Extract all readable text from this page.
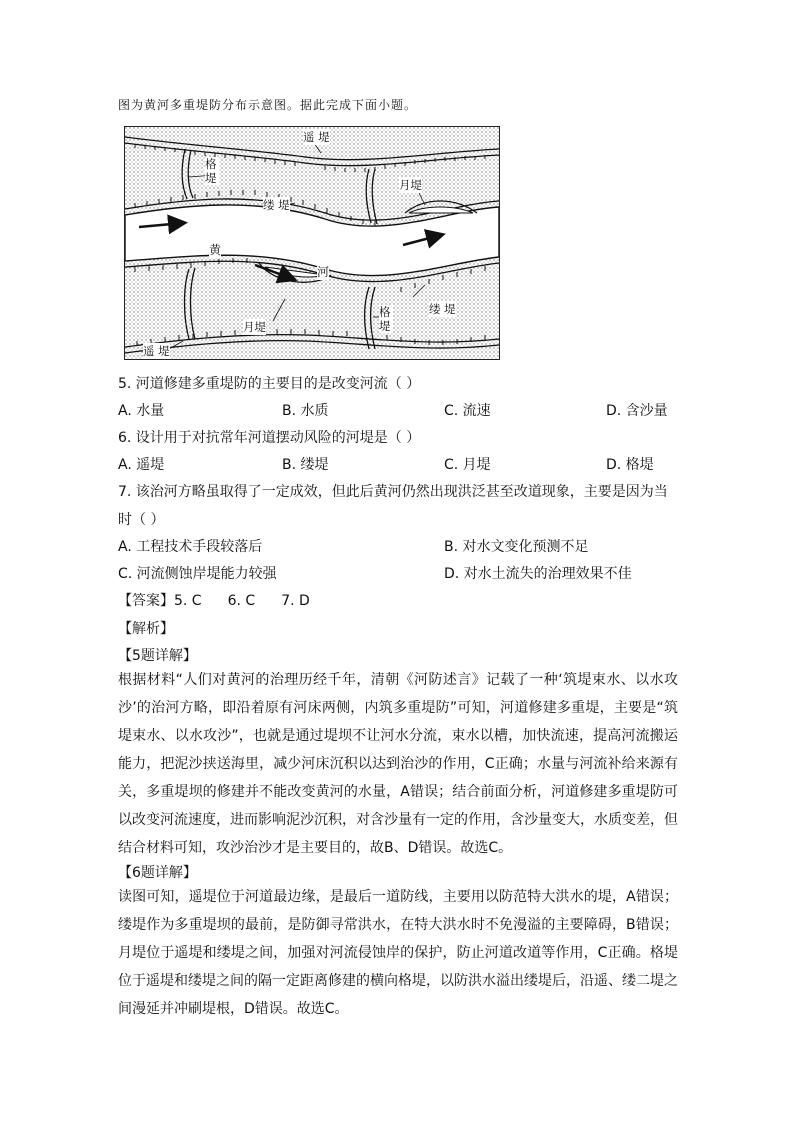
图为黄河多重堤防分布示意图。据此完成下面小题。
遥 堤
格
堤	月堤
缕 堤
黄
河
缕 堤
格
堤
月堤
遥 堤
5. 河道修建多重堤防的主要目的是改变河流（ ）
A. 水量	B. 水质	C. 流速	D. 含沙量
6. 设计用于对抗常年河道摆动风险的河堤是（ ）
A. 遥堤	B. 缕堤	C. 月堤	D. 格堤
7. 该治河方略虽取得了一定成效，但此后黄河仍然出现洪泛甚至改道现象，主要是因为当
时（ ）
A. 工程技术手段较落后	B. 对水文变化预测不足
C. 河流侧蚀岸堤能力较强	D. 对水土流失的治理效果不佳
【答案】5. C 6. C 7. D
【解析】
【5题详解】
根据材料“人们对黄河的治理历经千年，清朝《河防述言》记载了一种‘筑堤束水、以水攻沙’的治河方略，即沿着原有河床两侧，内筑多重堤防”可知，河道修建多重堤，主要是“筑堤束水、以水攻沙”，也就是通过堤坝不让河水分流，束水以槽，加快流速，提高河流搬运能力，把泥沙挟送海里，减少河床沉积以达到治沙的作用，C正确；水量与河流补给来源有关，多重堤坝的修建并不能改变黄河的水量，A错误；结合前面分析，河道修建多重堤防可以改变河流速度，进而影响泥沙沉积，对含沙量有一定的作用，含沙量变大，水质变差，但结合材料可知，攻沙治沙才是主要目的，故B、D错误。故选C。
【6题详解】
读图可知，遥堤位于河道最边缘，是最后一道防线，主要用以防范特大洪水的堤，A错误；缕堤作为多重堤坝的最前，是防御寻常洪水，在特大洪水时不免漫溢的主要障碍，B错误；月堤位于遥堤和缕堤之间，加强对河流侵蚀岸的保护，防止河道改道等作用，C正确。格堤位于遥堤和缕堤之间的隔一定距离修建的横向格堤，以防洪水溢出缕堤后，沿遥、缕二堤之间漫延并冲刷堤根，D错误。故选C。
